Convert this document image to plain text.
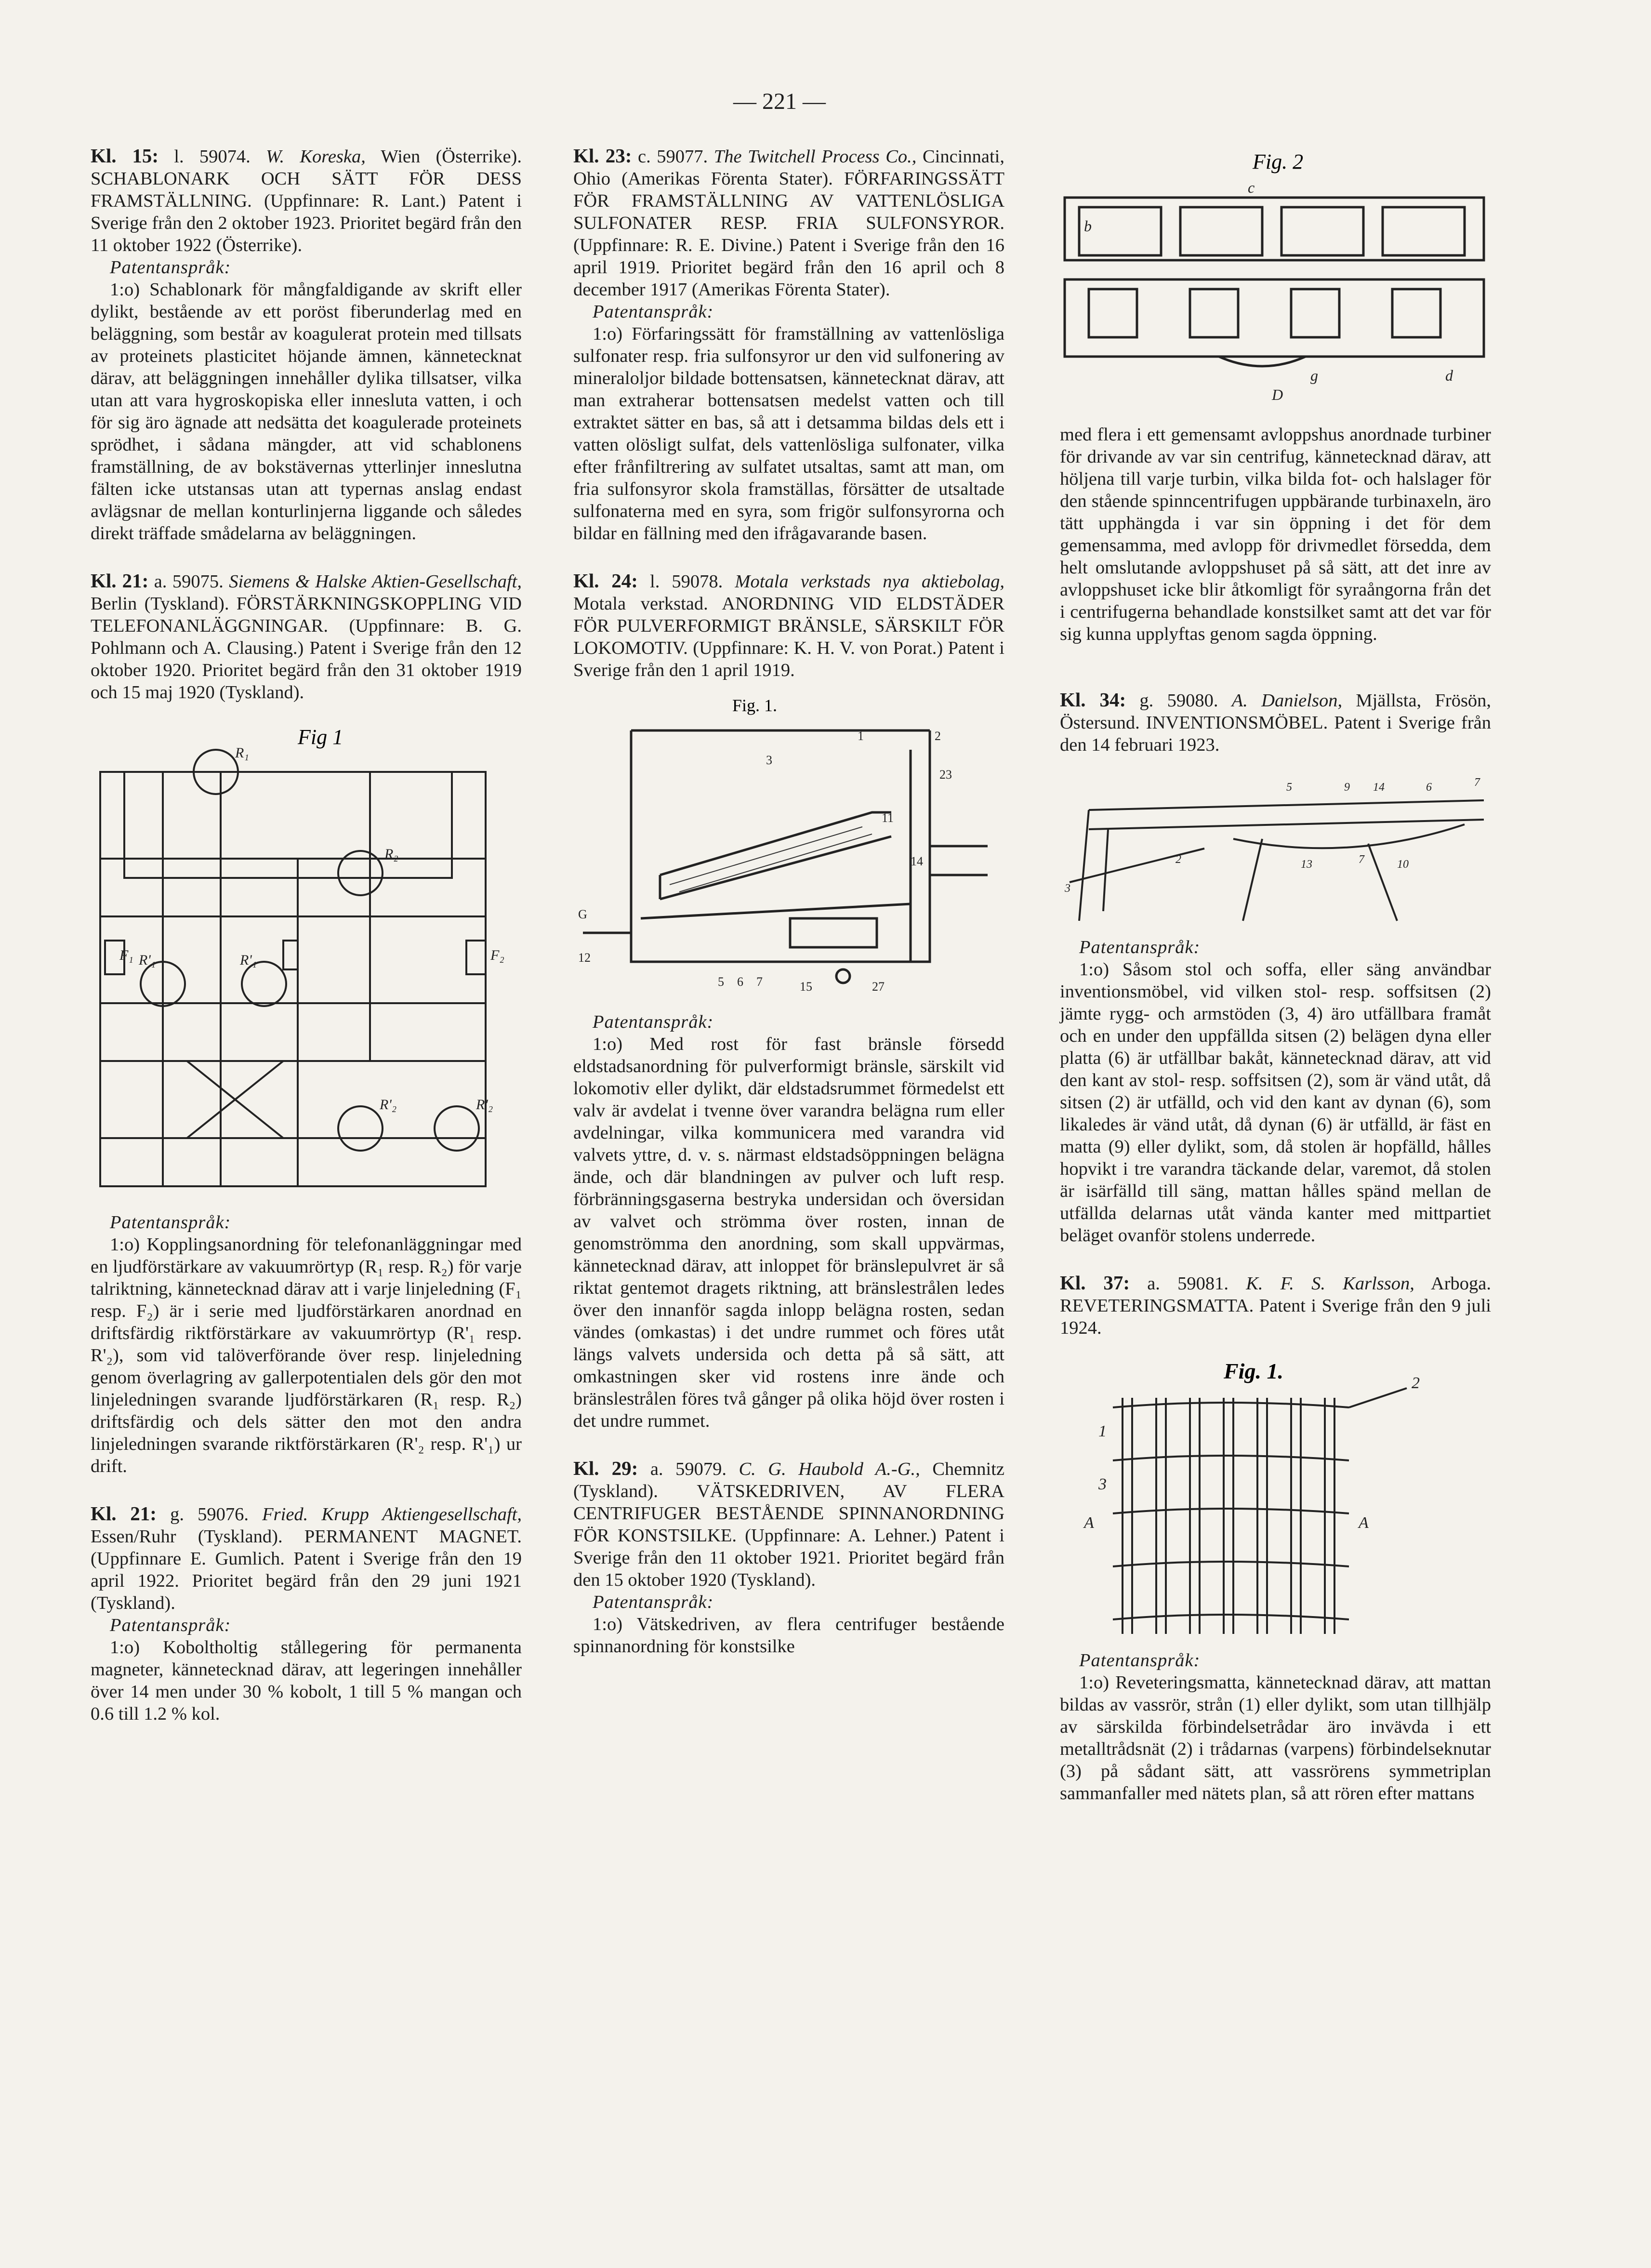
— 221 —

Kl. 15: l. 59074. W. Koreska, Wien (Österrike). SCHABLONARK OCH SÄTT FÖR DESS FRAMSTÄLLNING. (Uppfinnare: R. Lant.) Patent i Sverige från den 2 oktober 1923. Prioritet begärd från den 11 oktober 1922 (Österrike).

Patentanspråk:

1:o) Schablonark för mångfaldigande av skrift eller dylikt, bestående av ett poröst fiberunderlag med en beläggning, som består av koagulerat protein med tillsats av proteinets plasticitet höjande ämnen, kännetecknat därav, att beläggningen innehåller dylika tillsatser, vilka utan att vara hygroskopiska eller innesluta vatten, i och för sig äro ägnade att nedsätta det koagulerade proteinets sprödhet, i sådana mängder, att vid schablonens framställning, de av bokstävernas ytterlinjer inneslutna fälten icke utstansas utan att typernas anslag endast avlägsnar de mellan konturlinjerna liggande och således direkt träffade smådelarna av beläggningen.

Kl. 21: a. 59075. Siemens & Halske Aktien-Gesellschaft, Berlin (Tyskland). FÖRSTÄRKNINGSKOPPLING VID TELEFONANLÄGGNINGAR. (Uppfinnare: B. G. Pohlmann och A. Clausing.) Patent i Sverige från den 12 oktober 1920. Prioritet begärd från den 31 oktober 1919 och 15 maj 1920 (Tyskland).

Fig 1
R₁
R₂
F₁	F₂
R'₁	R'₁
R'₂	R'₂

Patentanspråk:

1:o) Kopplingsanordning för telefonanläggningar med en ljudförstärkare av vakuumrörtyp (R₁ resp. R₂) för varje talriktning, kännetecknad därav att i varje linjeledning (F₁ resp. F₂) är i serie med ljudförstärkaren anordnad en driftsfärdig riktförstärkare av vakuumrörtyp (R'₁ resp. R'₂), som vid talöverförande över resp. linjeledning genom överlagring av gallerpotentialen dels gör den mot linjeledningen svarande ljudförstärkaren (R₁ resp. R₂) driftsfärdig och dels sätter den mot den andra linjeledningen svarande riktförstärkaren (R'₂ resp. R'₁) ur drift.

Kl. 21: g. 59076. Fried. Krupp Aktiengesellschaft, Essen/Ruhr (Tyskland). PERMANENT MAGNET. (Uppfinnare E. Gumlich. Patent i Sverige från den 19 april 1922. Prioritet begärd från den 29 juni 1921 (Tyskland).

Patentanspråk:

1:o) Koboltholtig stållegering för permanenta magneter, kännetecknad därav, att legeringen innehåller över 14 men under 30 % kobolt, 1 till 5 % mangan och 0.6 till 1.2 % kol.

Kl. 23: c. 59077. The Twitchell Process Co., Cincinnati, Ohio (Amerikas Förenta Stater). FÖRFARINGSSÄTT FÖR FRAMSTÄLLNING AV VATTENLÖSLIGA SULFONATER RESP. FRIA SULFONSYROR. (Uppfinnare: R. E. Divine.) Patent i Sverige från den 16 april 1919. Prioritet begärd från den 16 april och 8 december 1917 (Amerikas Förenta Stater).

Patentanspråk:

1:o) Förfaringssätt för framställning av vattenlösliga sulfonater resp. fria sulfonsyror ur den vid sulfonering av mineraloljor bildade bottensatsen, kännetecknat därav, att man extraherar bottensatsen medelst vatten och till extraktet sätter en bas, så att i detsamma bildas dels ett i vatten olösligt sulfat, dels vattenlösliga sulfonater, vilka efter frånfiltrering av sulfatet utsaltas, samt att man, om fria sulfonsyror skola framställas, försätter de utsaltade sulfonaterna med en syra, som frigör sulfonsyrorna och bildar en fällning med den ifrågavarande basen.

Kl. 24: l. 59078. Motala verkstads nya aktiebolag, Motala verkstad. ANORDNING VID ELDSTÄDER FÖR PULVERFORMIGT BRÄNSLE, SÄRSKILT FÖR LOKOMOTIV. (Uppfinnare: K. H. V. von Porat.) Patent i Sverige från den 1 april 1919.

Fig. 1.
1	2
3
23
11
14
G
12
5 6 7	15	27

Patentanspråk:

1:o) Med rost för fast bränsle försedd eldstadsanordning för pulverformigt bränsle, särskilt vid lokomotiv eller dylikt, där eldstadsrummet förmedelst ett valv är avdelat i tvenne över varandra belägna rum eller avdelningar, vilka kommunicera med varandra vid valvets yttre, d. v. s. närmast eldstadsöppningen belägna ände, och där blandningen av pulver och luft resp. förbränningsgaserna bestryka undersidan och översidan av valvet och strömma över rosten, innan de genomströmma den anordning, som skall uppvärmas, kännetecknad därav, att inloppet för bränslepulvret är så riktat gentemot dragets riktning, att bränslestrålen ledes över den innanför sagda inlopp belägna rosten, sedan vändes (omkastas) i det undre rummet och föres utåt längs valvets undersida och detta på så sätt, att omkastningen sker vid rostens inre ände och bränslestrålen föres två gånger på olika höjd över rosten i det undre rummet.

Kl. 29: a. 59079. C. G. Haubold A.-G., Chemnitz (Tyskland). VÄTSKEDRIVEN, AV FLERA CENTRIFUGER BESTÅENDE SPINNANORDNING FÖR KONSTSILKE. (Uppfinnare: A. Lehner.) Patent i Sverige från den 11 oktober 1921. Prioritet begärd från den 15 oktober 1920 (Tyskland).

Patentanspråk:

1:o) Vätskedriven, av flera centrifuger bestående spinnanordning för konstsilke

Fig. 2
b
c
g	d
D

med flera i ett gemensamt avloppshus anordnade turbiner för drivande av var sin centrifug, kännetecknad därav, att höljena till varje turbin, vilka bilda fot- och halslager för den stående spinncentrifugen uppbärande turbinaxeln, äro tätt upphängda i var sin öppning i det för dem gemensamma, med avlopp för drivmedlet försedda, dem helt omslutande avloppshuset på så sätt, att det inre av avloppshuset icke blir åtkomligt för syraångorna från det i centrifugerna behandlade konstsilket samt att det var för sig kunna upplyftas genom sagda öppning.

Kl. 34: g. 59080. A. Danielson, Mjällsta, Frösön, Östersund. INVENTIONSMÖBEL. Patent i Sverige från den 14 februari 1923.

5	9 14	6	7
2	13	7	10
3

Patentanspråk:

1:o) Såsom stol och soffa, eller säng användbar inventionsmöbel, vid vilken stol- resp. soffsitsen (2) jämte rygg- och armstöden (3, 4) äro utfällbara framåt och en under den uppfällda sitsen (2) belägen dyna eller platta (6) är utfällbar bakåt, kännetecknad därav, att vid den kant av stol- resp. soffsitsen (2), som är vänd utåt, då sitsen (2) är utfälld, och vid den kant av dynan (6), som likaledes är vänd utåt, då dynan (6) är utfälld, är fäst en matta (9) eller dylikt, som, då stolen är hopfälld, hålles hopvikt i tre varandra täckande delar, varemot, då stolen är isärfälld till säng, mattan hålles spänd mellan de utfällda delarnas utåt vända kanter med mittpartiet beläget ovanför stolens underrede.

Kl. 37: a. 59081. K. F. S. Karlsson, Arboga. REVETERINGSMATTA. Patent i Sverige från den 9 juli 1924.

Fig. 1.
A	A
2
1
3

Patentanspråk:

1:o) Reveteringsmatta, kännetecknad därav, att mattan bildas av vassrör, strån (1) eller dylikt, som utan tillhjälp av särskilda förbindelsetrådar äro invävda i ett metalltrådsnät (2) i trådarnas (varpens) förbindelseknutar (3) på sådant sätt, att vassrörens symmetriplan sammanfaller med nätets plan, så att rören efter mattans
